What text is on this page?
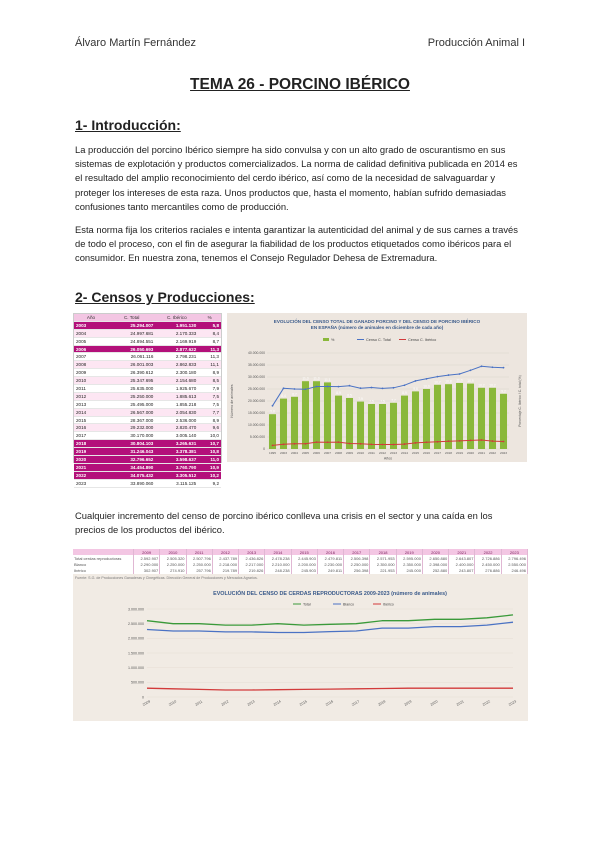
Álvaro Martín Fernández	Producción Animal I
TEMA 26 - PORCINO IBÉRICO
1- Introducción:
La producción del porcino Ibérico siempre ha sido convulsa y con un alto grado de oscurantismo en sus sistemas de explotación y productos comercializados. La norma de calidad definitiva publicada en 2014 es el resultado del amplio reconocimiento del cerdo ibérico, así como de la necesidad de salvaguardar y proteger los intereses de esta raza. Unos productos que, hasta el momento, habían sufrido demasiadas confusiones tanto mercantiles como de producción.
Esta norma fija los criterios raciales e intenta garantizar la autenticidad del animal y de sus carnes a través de todo el proceso, con el fin de asegurar la fiabilidad de los productos etiquetados como ibéricos para el consumidor. En nuestra zona, tenemos el Consejo Regulador Dehesa de Extremadura.
2- Censos y Producciones:
Año	C. Total	C. Ibérico	%
2003	25.294.007	1.951.130	5,8
2004	24.997.681	2.170.333	8,4
2005	24.894.551	2.169.919	8,7
2006	26.050.693	2.877.622	11,3
2007	26.061.116	2.798.231	11,3
2008	26.001.003	2.862.833	11,1
2009	26.390.612	2.300.180	8,9
2010	25.347.695	2.154.680	8,5
2011	25.635.000	1.925.670	7,9
2012	25.250.000	1.885.613	7,5
2013	25.495.000	1.855.218	7,5
2014	26.567.000	2.054.830	7,7
2015	28.367.000	2.536.000	8,9
2016	29.232.000	2.820.470	9,6
2017	30.170.000	3.005.140	10,0
2018	30.804.103	3.265.631	10,7
2019	31.246.043	3.378.381	10,8
2020	32.796.652	3.598.637	11,0
2021	34.454.890	3.760.790	10,9
2022	34.075.432	3.305.512	10,2
2023	33.890.060	3.115.125	9,2
EVOLUCIÓN DEL CENSO TOTAL DE GANADO PORCINO Y DEL CENSO DE PORCINO IBÉRICO EN ESPAÑA (número de animales en diciembre de cada año)
%	Censo C. Total	Censo C. Ibérico
40.000.000
35.000.000
30.000.000
25.000.000
20.000.000
15.000.000
10.000.000
5.000.000
0
Número de animales	Porcentaje C. Ibérico / C. total (%)
5,8
8,4 8,7
11,3 11,3 11,1
8,9
8,5
7,9
7,5 7,5 7,7
8,9
9,6
10,0
10,7 10,8 11,0 10,9
10,2 10,2
9,2
1995 2003 2004 2005 2006 2007 2008 2009 2010 2011 2012 2013 2014 2015 2016 2017 2018 2019 2020 2021 2022 2023
Años
Cualquier incremento del censo de porcino ibérico conlleva una crisis en el sector y una caída en los precios de los productos del ibérico.
	2009	2010	2011	2012	2013	2014	2015	2016	2017	2018	2019	2020	2021	2022	2023
Total cerdas reproductoras	2.592.907	2.505.320	2.507.796	2.437.789	2.436.826	2.478.238	2.445.903	2.479.811	2.506.398	2.571.953	2.595.000	2.650.880	2.643.807	2.726.886	2.796.496
Blanco	2.290.000	2.250.000	2.250.000	2.218.000	2.217.000	2.210.000	2.200.000	2.230.000	2.250.000	2.350.000	2.350.000	2.398.000	2.400.000	2.450.000	2.550.000
Ibérico	302.907	274.910	257.796	219.789	219.826	248.238	245.903	249.811	256.398	221.953	245.000	252.880	243.807	276.886	246.496
Fuente: S.G. de Producciones Ganaderas y Cinegéticas. Dirección General de Producciones y Mercados Agrarios.
EVOLUCIÓN DEL CENSO DE CERDAS REPRODUCTORAS 2009-2023 (número de animales)
Total	Blanco	Ibérico
3.000.000
2.500.000
2.000.000
1.500.000
1.000.000
500.000
0
2009	2010	2011	2012	2013	2014	2015	2016	2017	2018	2019	2020	2021	2022	2023
